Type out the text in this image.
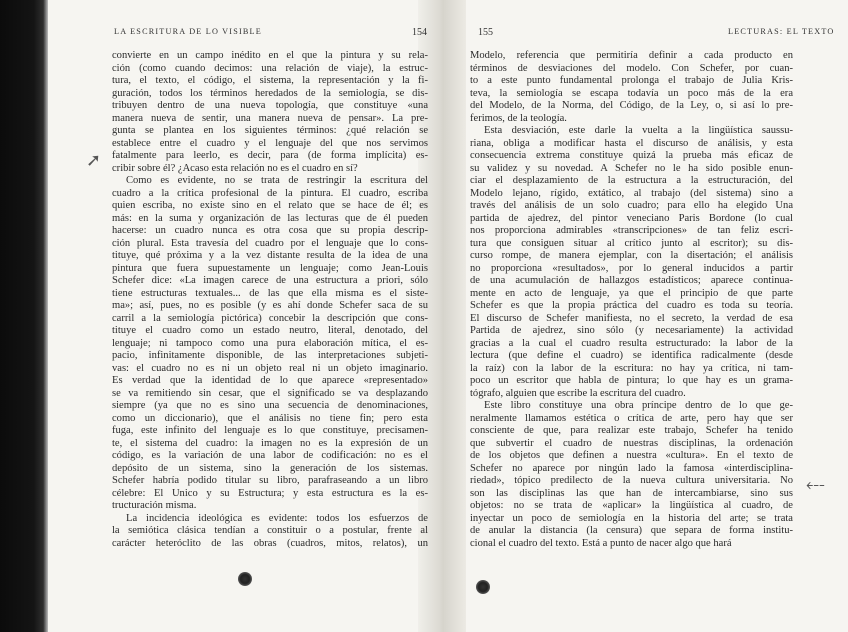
➚
⤎
LA ESCRITURA DE LO VISIBLE	154
convierte en un campo inédito en el que la pintura y su rela-
ción (como cuando decimos: una relación de viaje), la estruc-
tura, el texto, el código, el sistema, la representación y la fi-
guración, todos los términos heredados de la semiología, se dis-
tribuyen dentro de una nueva topología, que constituye «una
manera nueva de sentir, una manera nueva de pensar». La pre-
gunta se plantea en los siguientes términos: ¿qué relación se
establece entre el cuadro y el lenguaje del que nos servimos
fatalmente para leerlo, es decir, para (de forma implícita) es-
cribir sobre él? ¿Acaso esta relación no es el cuadro en sí?
Como es evidente, no se trata de restringir la escritura del
cuadro a la crítica profesional de la pintura. El cuadro, escriba
quien escriba, no existe sino en el relato que se hace de él; es
más: en la suma y organización de las lecturas que de él pueden
hacerse: un cuadro nunca es otra cosa que su propia descrip-
ción plural. Esta travesía del cuadro por el lenguaje que lo cons-
tituye, qué próxima y a la vez distante resulta de la idea de una
pintura que fuera supuestamente un lenguaje; como Jean-Louis
Schefer dice: «La imagen carece de una estructura a priori, sólo
tiene estructuras textuales... de las que ella misma es el siste-
ma»; así, pues, no es posible (y es ahí donde Schefer saca de su
carril a la semiología pictórica) concebir la descripción que cons-
tituye el cuadro como un estado neutro, literal, denotado, del
lenguaje; ni tampoco como una pura elaboración mítica, el es-
pacio, infinitamente disponible, de las interpretaciones subjeti-
vas: el cuadro no es ni un objeto real ni un objeto imaginario.
Es verdad que la identidad de lo que aparece «representado»
se va remitiendo sin cesar, que el significado se va desplazando
siempre (ya que no es sino una secuencia de denominaciones,
como un diccionario), que el análisis no tiene fin; pero esta
fuga, este infinito del lenguaje es lo que constituye, precisamen-
te, el sistema del cuadro: la imagen no es la expresión de un
código, es la variación de una labor de codificación: no es el
depósito de un sistema, sino la generación de los sistemas.
Schefer habría podido titular su libro, parafraseando a un libro
célebre: El Unico y su Estructura; y esta estructura es la es-
tructuración misma.
La incidencia ideológica es evidente: todos los esfuerzos de
la semiótica clásica tendían a constituir o a postular, frente al
carácter heteróclito de las obras (cuadros, mitos, relatos), un
155	LECTURAS: EL TEXTO
Modelo, referencia que permitiría definir a cada producto en
términos de desviaciones del modelo. Con Schefer, por cuan-
to a este punto fundamental prolonga el trabajo de Julia Kris-
teva, la semiología se escapa todavía un poco más de la era
del Modelo, de la Norma, del Código, de la Ley, o, si así lo pre-
ferimos, de la teología.
Esta desviación, este darle la vuelta a la lingüística saussu-
riana, obliga a modificar hasta el discurso de análisis, y esta
consecuencia extrema constituye quizá la prueba más eficaz de
su validez y su novedad. A Schefer no le ha sido posible enun-
ciar el desplazamiento de la estructura a la estructuración, del
Modelo lejano, rígido, extático, al trabajo (del sistema) sino a
través del análisis de un solo cuadro; para ello ha elegido Una
partida de ajedrez, del pintor veneciano Paris Bordone (lo cual
nos proporciona admirables «transcripciones» de tan feliz escri-
tura que consiguen situar al crítico junto al escritor); su dis-
curso rompe, de manera ejemplar, con la disertación; el análisis
no proporciona «resultados», por lo general inducidos a partir
de una acumulación de hallazgos estadísticos; aparece continua-
mente en acto de lenguaje, ya que el principio de que parte
Schefer es que la propia práctica del cuadro es toda su teoría.
El discurso de Schefer manifiesta, no el secreto, la verdad de esa
Partida de ajedrez, sino sólo (y necesariamente) la actividad
gracias a la cual el cuadro resulta estructurado: la labor de la
lectura (que define el cuadro) se identifica radicalmente (desde
la raíz) con la labor de la escritura: no hay ya crítica, ni tam-
poco un escritor que habla de pintura; lo que hay es un grama-
tógrafo, alguien que escribe la escritura del cuadro.
Este libro constituye una obra príncipe dentro de lo que ge-
neralmente llamamos estética o crítica de arte, pero hay que ser
consciente de que, para realizar este trabajo, Schefer ha tenido
que subvertir el cuadro de nuestras disciplinas, la ordenación
de los objetos que definen a nuestra «cultura». En el texto de
Schefer no aparece por ningún lado la famosa «interdisciplina-
riedad», tópico predilecto de la nueva cultura universitaria. No
son las disciplinas las que han de intercambiarse, sino sus
objetos: no se trata de «aplicar» la lingüística al cuadro, de
inyectar un poco de semiología en la historia del arte; se trata
de anular la distancia (la censura) que separa de forma institu-
cional el cuadro del texto. Está a punto de nacer algo que hará
